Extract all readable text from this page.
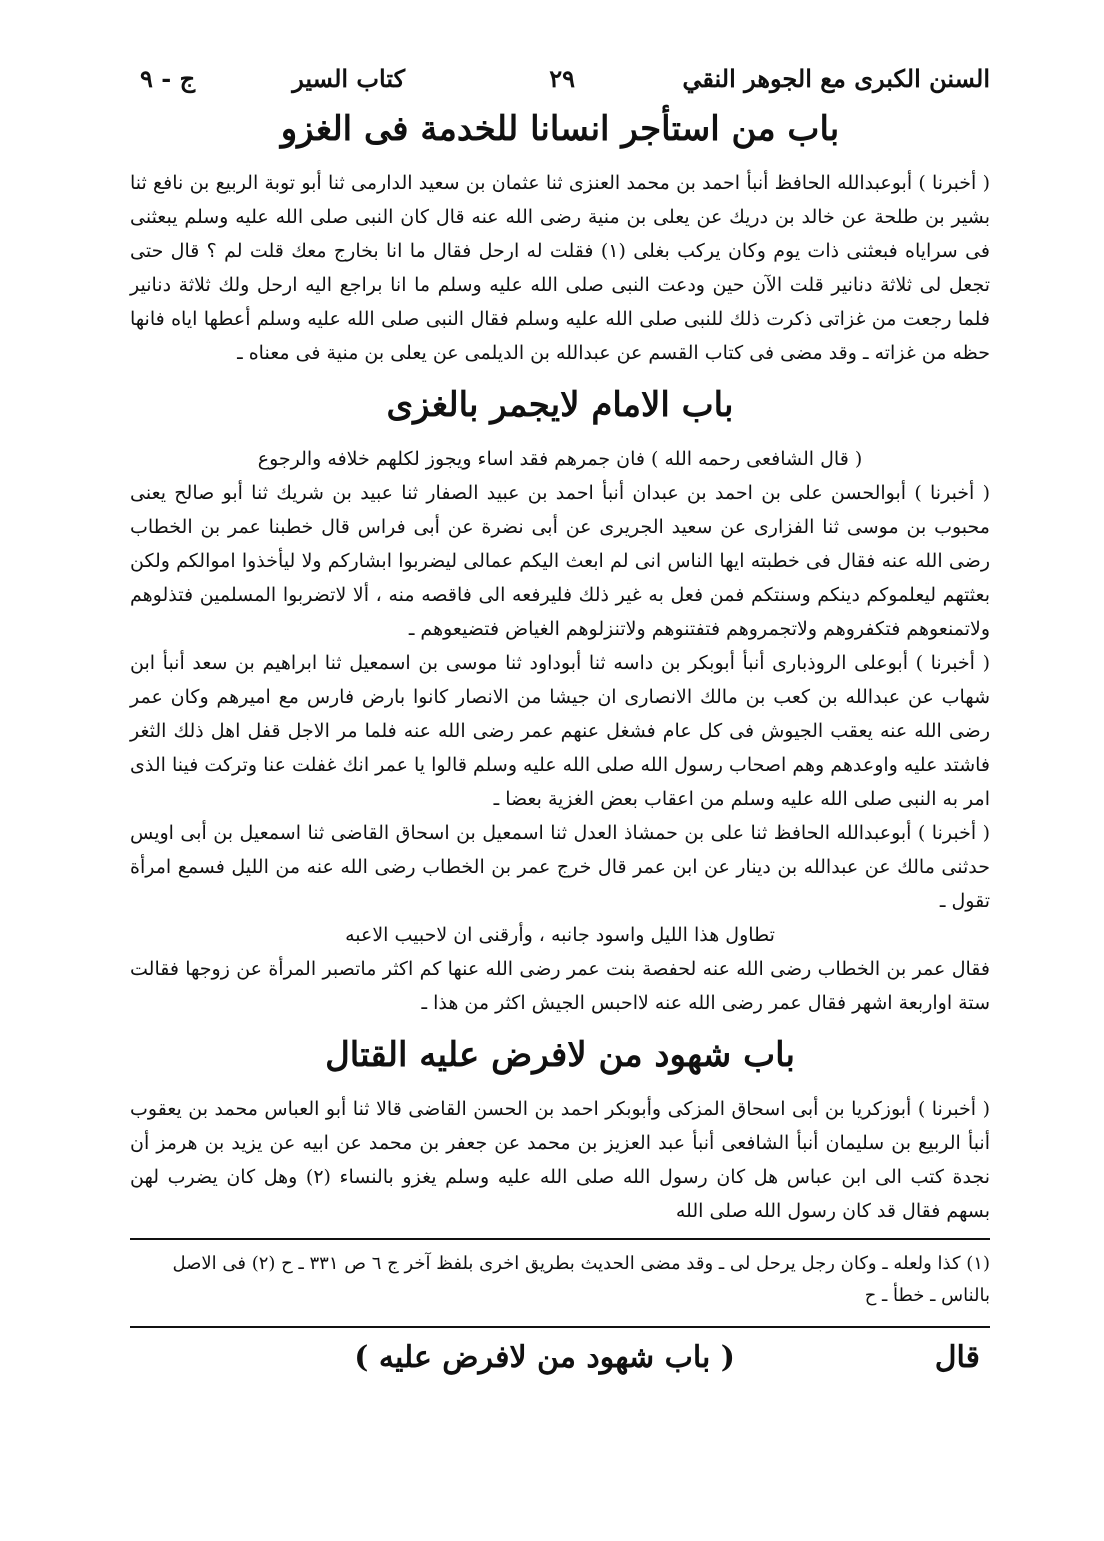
السنن الكبرى مع الجوهر النقي
٢٩
كتاب السير
ج - ٩
باب من استأجر انسانا للخدمة فى الغزو

( أخبرنا ) أبوعبدالله الحافظ أنبأ احمد بن محمد العنزى ثنا عثمان بن سعيد الدارمى ثنا أبو توبة الربيع بن نافع ثنا بشير بن طلحة عن خالد بن دريك عن يعلى بن منية رضى الله عنه قال كان النبى صلى الله عليه وسلم يبعثنى فى سراياه فبعثنى ذات يوم وكان يركب بغلى (١) فقلت له ارحل فقال ما انا بخارج معك قلت لم ؟ قال حتى تجعل لى ثلاثة دنانير قلت الآن حين ودعت النبى صلى الله عليه وسلم ما انا براجع اليه ارحل ولك ثلاثة دنانير فلما رجعت من غزاتى ذكرت ذلك للنبى صلى الله عليه وسلم فقال النبى صلى الله عليه وسلم أعطها اياه فانها حظه من غزاته ـ وقد مضى فى كتاب القسم عن عبدالله بن الديلمى عن يعلى بن منية فى معناه ـ

باب الامام لايجمر بالغزى

( قال الشافعى رحمه الله ) فان جمرهم فقد اساء ويجوز لكلهم خلافه والرجوع

( أخبرنا ) أبوالحسن على بن احمد بن عبدان أنبأ احمد بن عبيد الصفار ثنا عبيد بن شريك ثنا أبو صالح يعنى محبوب بن موسى ثنا الفزارى عن سعيد الجريرى عن أبى نضرة عن أبى فراس قال خطبنا عمر بن الخطاب رضى الله عنه فقال فى خطبته ايها الناس انى لم ابعث اليكم عمالى ليضربوا ابشاركم ولا ليأخذوا اموالكم ولكن بعثتهم ليعلموكم دينكم وسنتكم فمن فعل به غير ذلك فليرفعه الى فاقصه منه ، ألا لاتضربوا المسلمين فتذلوهم ولاتمنعوهم فتكفروهم ولاتجمروهم فتفتنوهم ولاتنزلوهم الغياض فتضيعوهم ـ

( أخبرنا ) أبوعلى الروذبارى أنبأ أبوبكر بن داسه ثنا أبوداود ثنا موسى بن اسمعيل ثنا ابراهيم بن سعد أنبأ ابن شهاب عن عبدالله بن كعب بن مالك الانصارى ان جيشا من الانصار كانوا بارض فارس مع اميرهم وكان عمر رضى الله عنه يعقب الجيوش فى كل عام فشغل عنهم عمر رضى الله عنه فلما مر الاجل قفل اهل ذلك الثغر فاشتد عليه واوعدهم وهم اصحاب رسول الله صلى الله عليه وسلم قالوا يا عمر انك غفلت عنا وتركت فينا الذى امر به النبى صلى الله عليه وسلم من اعقاب بعض الغزية بعضا ـ

( أخبرنا ) أبوعبدالله الحافظ ثنا على بن حمشاذ العدل ثنا اسمعيل بن اسحاق القاضى ثنا اسمعيل بن أبى اويس حدثنى مالك عن عبدالله بن دينار عن ابن عمر قال خرج عمر بن الخطاب رضى الله عنه من الليل فسمع امرأة تقول ـ

تطاول هذا الليل واسود جانبه ، وأرقنى ان لاحبيب الاعبه

فقال عمر بن الخطاب رضى الله عنه لحفصة بنت عمر رضى الله عنها كم اكثر ماتصبر المرأة عن زوجها فقالت ستة اواربعة اشهر فقال عمر رضى الله عنه لااحبس الجيش اكثر من هذا ـ

باب شهود من لافرض عليه القتال

( أخبرنا ) أبوزكريا بن أبى اسحاق المزكى وأبوبكر احمد بن الحسن القاضى قالا ثنا أبو العباس محمد بن يعقوب أنبأ الربيع بن سليمان أنبأ الشافعى أنبأ عبد العزيز بن محمد عن جعفر بن محمد عن ابيه عن يزيد بن هرمز أن نجدة كتب الى ابن عباس هل كان رسول الله صلى الله عليه وسلم يغزو بالنساء (٢) وهل كان يضرب لهن بسهم فقال قد كان رسول الله صلى الله

(١) كذا ولعله ـ وكان رجل يرحل لى ـ وقد مضى الحديث بطريق اخرى بلفظ آخر ج ٦ ص ٣٣١ ـ ح (٢) فى الاصل بالناس ـ خطأ ـ ح

قال
( باب شهود من لافرض عليه )
